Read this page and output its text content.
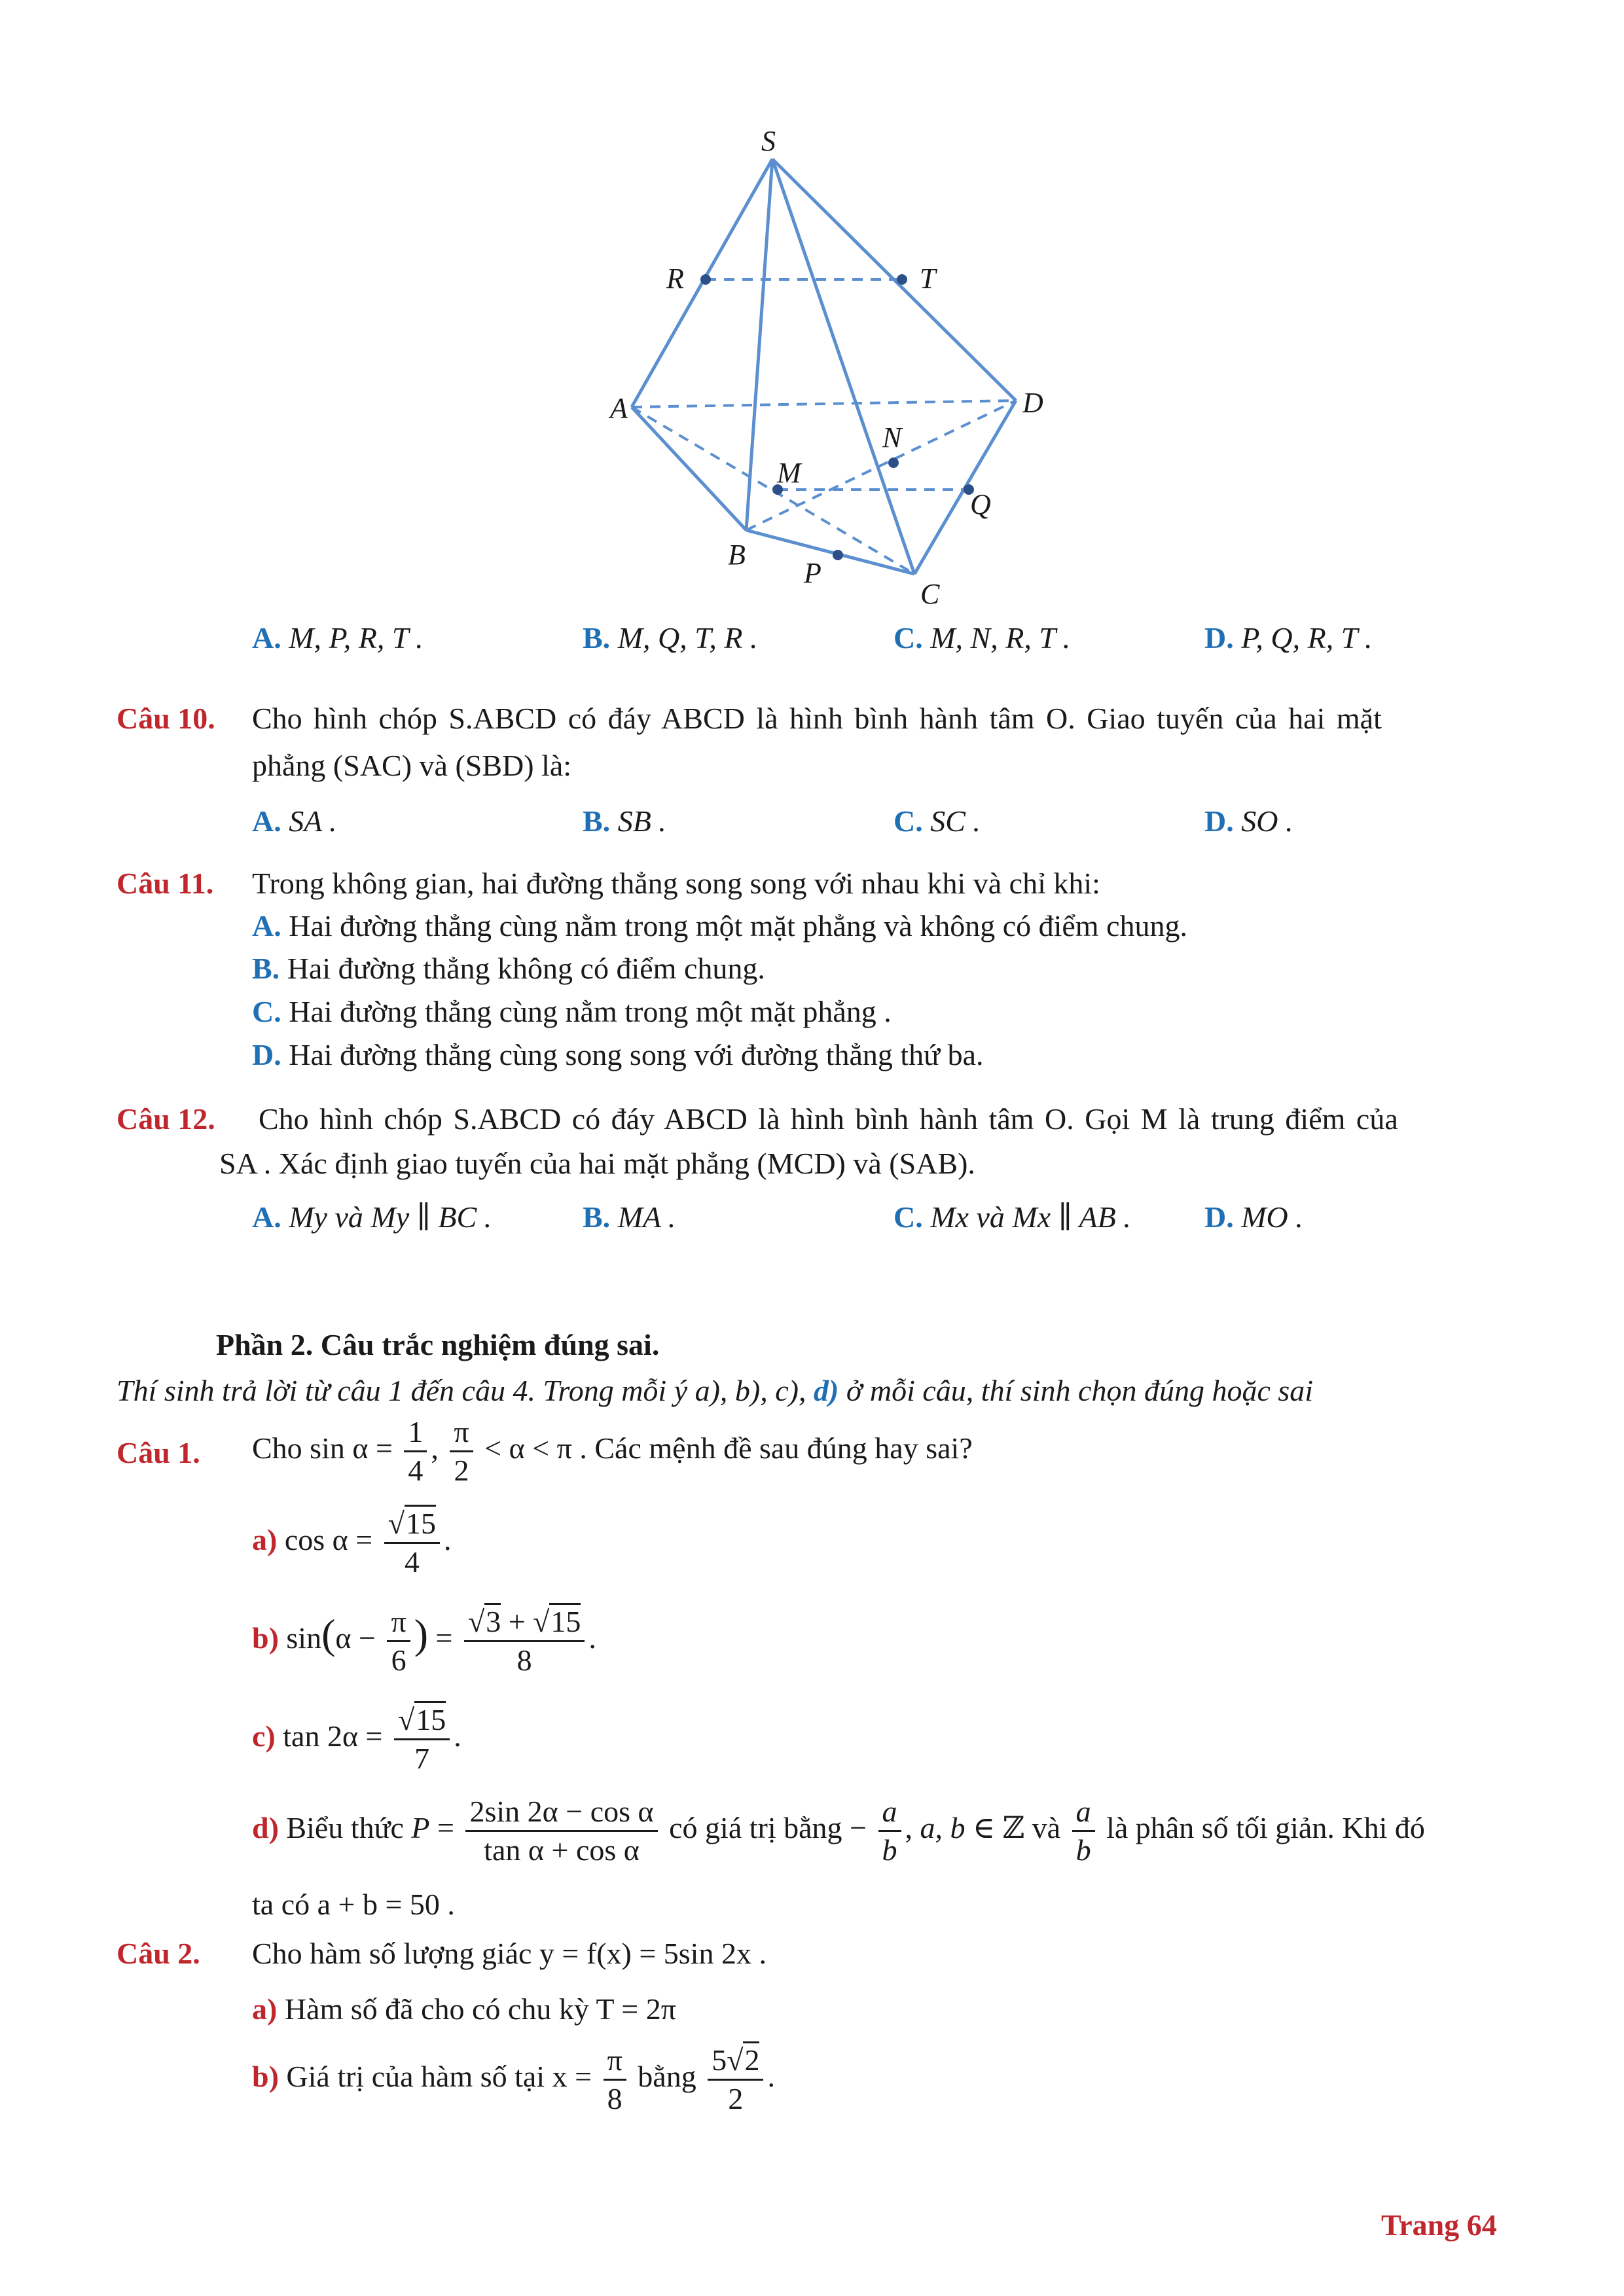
S
R	T
A	D
N
M
Q
B
P
C
A. M, P, R, T .	B. M, Q, T, R .	C. M, N, R, T .	D. P, Q, R, T .
Câu 10. Cho hình chóp S.ABCD có đáy ABCD là hình bình hành tâm O. Giao tuyến của hai mặt
phẳng (SAC) và (SBD) là:
A. SA .	B. SB .	C. SC .	D. SO .
Câu 11. Trong không gian, hai đường thẳng song song với nhau khi và chỉ khi:
A. Hai đường thẳng cùng nằm trong một mặt phẳng và không có điểm chung.
B. Hai đường thẳng không có điểm chung.
C. Hai đường thẳng cùng nằm trong một mặt phẳng .
D. Hai đường thẳng cùng song song với đường thẳng thứ ba.
Câu 12. Cho hình chóp S.ABCD có đáy ABCD là hình bình hành tâm O. Gọi M là trung điểm của
SA . Xác định giao tuyến của hai mặt phẳng (MCD) và (SAB).
A. My và My ∥ BC .	B. MA .	C. Mx và Mx ∥ AB . D. MO .
Phần 2. Câu trắc nghiệm đúng sai.
Thí sinh trả lời từ câu 1 đến câu 4. Trong mỗi ý a), b), c), d) ở mỗi câu, thí sinh chọn đúng hoặc sai
Câu 1. Cho $\sin \alpha = \frac{1}{4}$ , $\frac{\pi}{2} < \alpha < \pi$ . Các mệnh đề sau đúng hay sai?
a) $\cos \alpha = \frac{√15}{4}$ .
b) $\sin(\alpha - \frac{\pi}{6}$ ) = $\frac{√3 + √15}{8}$ .
c) $\tan 2\alpha = \frac{√15}{7}$ .
d) Biểu thức $P = \frac{\text{2sin 2α − cos α}}{\text{tan α + cos α}}$ có giá trị bằng − $\frac{a}{b}$ , a, b ∈ ℤ và $\frac{a}{b}$ là phân số tối giản. Khi đó
ta có a + b = 50 .
Câu 2. Cho hàm số lượng giác y = f(x) = 5sin 2x .
a) Hàm số đã cho có chu kỳ T = 2π
b) Giá trị của hàm số tại $x = \frac{\pi}{8}$ bằng $\frac{5√2}{2}$ .
Trang 64
